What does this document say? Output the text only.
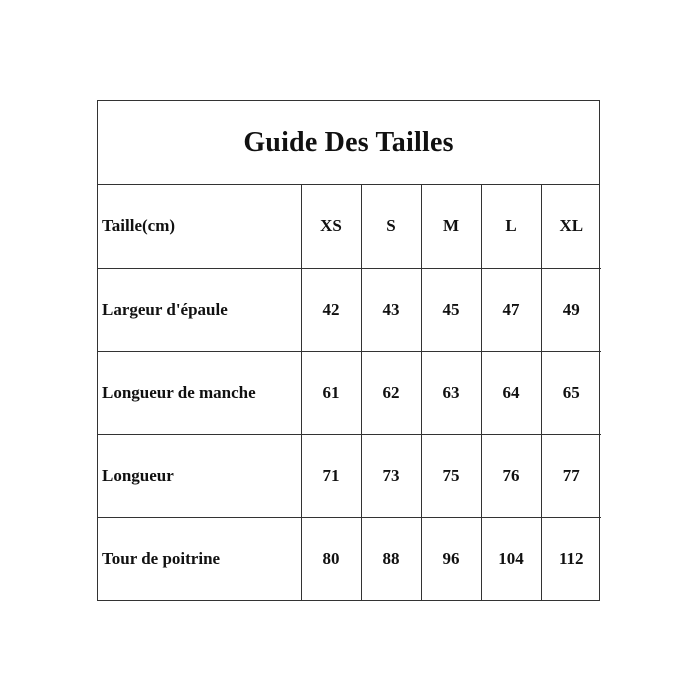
Guide Des Tailles
Taille(cm)	XS	S	M	L	XL
Largeur d'épaule	42	43	45	47	49
Longueur de manche	61	62	63	64	65
Longueur	71	73	75	76	77
Tour de poitrine	80	88	96	104	112
